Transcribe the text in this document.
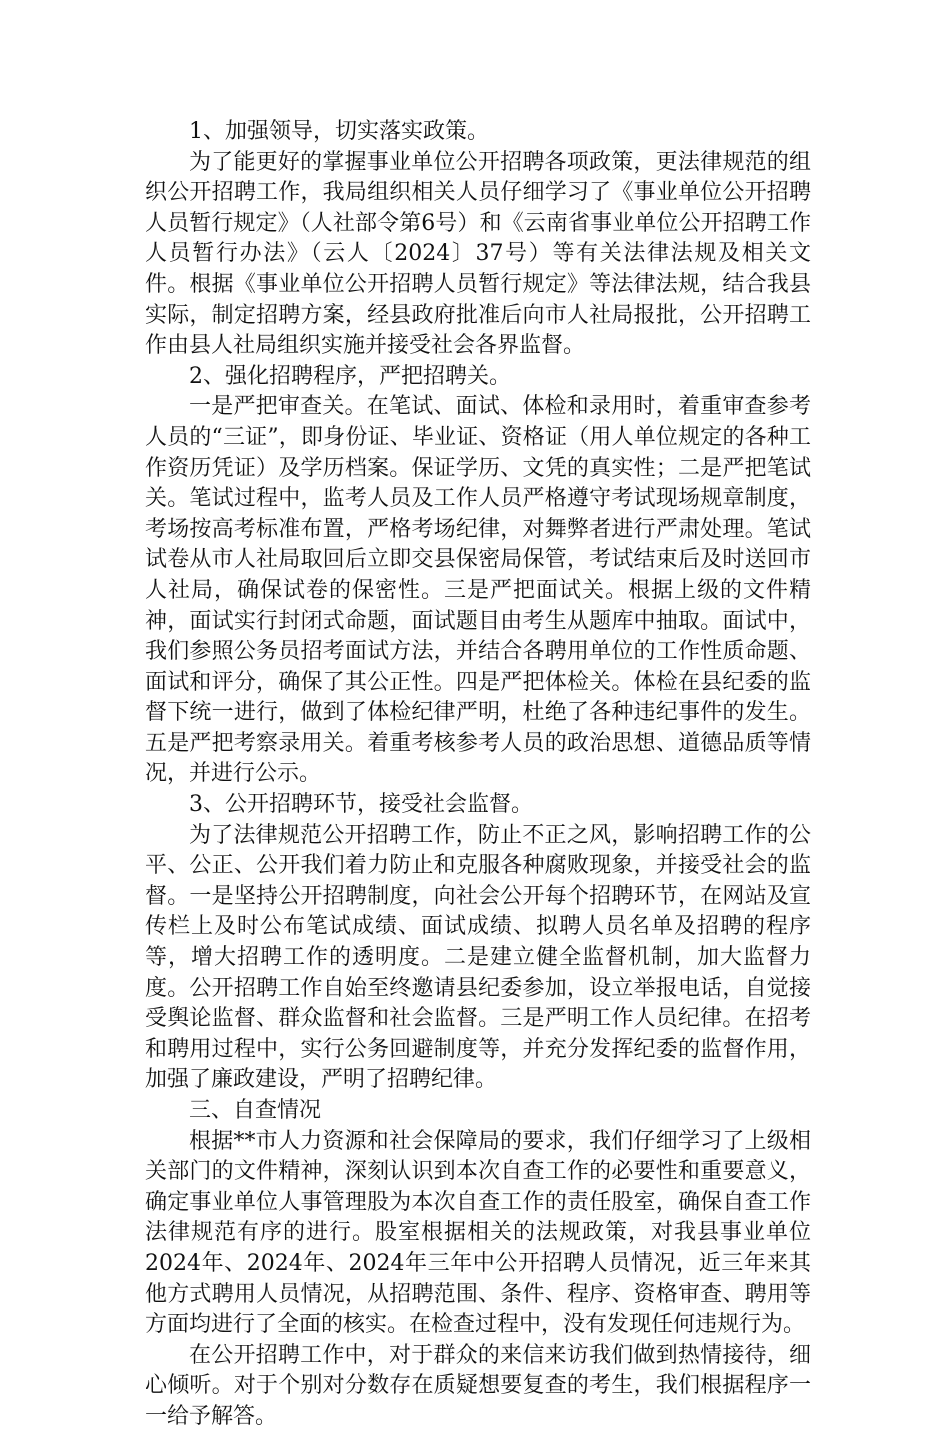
1、加强领导，切实落实政策。

为了能更好的掌握事业单位公开招聘各项政策，更法律规范的组织公开招聘工作，我局组织相关人员仔细学习了《事业单位公开招聘人员暂行规定》（人社部令第6号）和《云南省事业单位公开招聘工作人员暂行办法》（云人〔2024〕37号）等有关法律法规及相关文件。根据《事业单位公开招聘人员暂行规定》等法律法规，结合我县实际，制定招聘方案，经县政府批准后向市人社局报批，公开招聘工作由县人社局组织实施并接受社会各界监督。

2、强化招聘程序，严把招聘关。

一是严把审查关。在笔试、面试、体检和录用时，着重审查参考人员的“三证”，即身份证、毕业证、资格证（用人单位规定的各种工作资历凭证）及学历档案。保证学历、文凭的真实性；二是严把笔试关。笔试过程中，监考人员及工作人员严格遵守考试现场规章制度，考场按高考标准布置，严格考场纪律，对舞弊者进行严肃处理。笔试试卷从市人社局取回后立即交县保密局保管，考试结束后及时送回市人社局，确保试卷的保密性。三是严把面试关。根据上级的文件精神，面试实行封闭式命题，面试题目由考生从题库中抽取。面试中，我们参照公务员招考面试方法，并结合各聘用单位的工作性质命题、面试和评分，确保了其公正性。四是严把体检关。体检在县纪委的监督下统一进行，做到了体检纪律严明，杜绝了各种违纪事件的发生。五是严把考察录用关。着重考核参考人员的政治思想、道德品质等情况，并进行公示。

3、公开招聘环节，接受社会监督。

为了法律规范公开招聘工作，防止不正之风，影响招聘工作的公平、公正、公开我们着力防止和克服各种腐败现象，并接受社会的监督。一是坚持公开招聘制度，向社会公开每个招聘环节，在网站及宣传栏上及时公布笔试成绩、面试成绩、拟聘人员名单及招聘的程序等，增大招聘工作的透明度。二是建立健全监督机制，加大监督力度。公开招聘工作自始至终邀请县纪委参加，设立举报电话，自觉接受舆论监督、群众监督和社会监督。三是严明工作人员纪律。在招考和聘用过程中，实行公务回避制度等，并充分发挥纪委的监督作用，加强了廉政建设，严明了招聘纪律。

三、自查情况

根据**市人力资源和社会保障局的要求，我们仔细学习了上级相关部门的文件精神，深刻认识到本次自查工作的必要性和重要意义，确定事业单位人事管理股为本次自查工作的责任股室，确保自查工作法律规范有序的进行。股室根据相关的法规政策，对我县事业单位2024年、2024年、2024年三年中公开招聘人员情况，近三年来其他方式聘用人员情况，从招聘范围、条件、程序、资格审查、聘用等方面均进行了全面的核实。在检查过程中，没有发现任何违规行为。

在公开招聘工作中，对于群众的来信来访我们做到热情接待，细心倾听。对于个别对分数存在质疑想要复查的考生，我们根据程序一一给予解答。
